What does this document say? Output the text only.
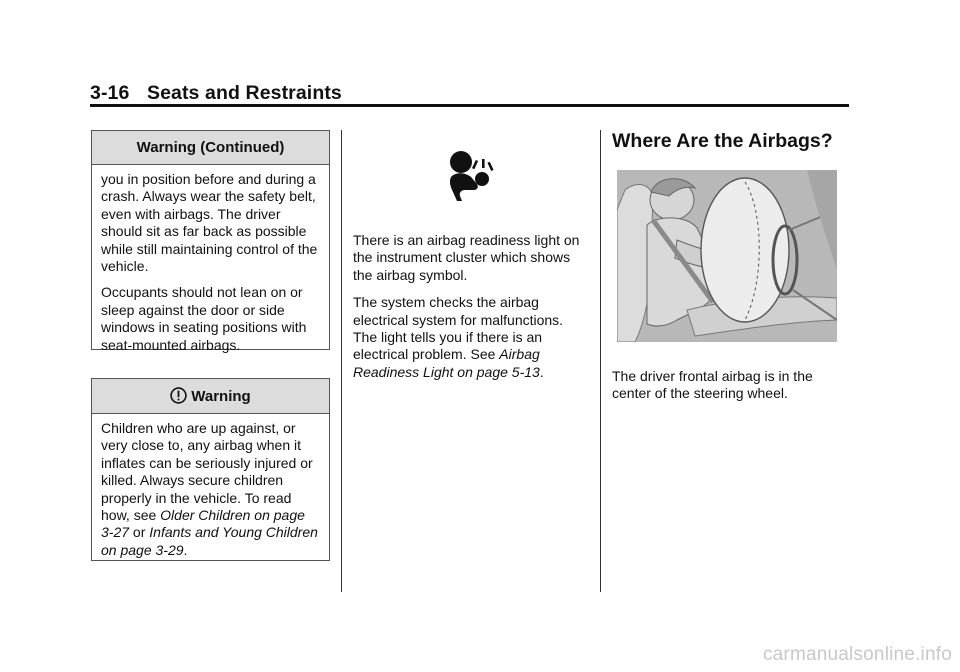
3-16 Seats and Restraints
Warning (Continued)

you in position before and during a crash. Always wear the safety belt, even with airbags. The driver should sit as far back as possible while still maintaining control of the vehicle.

Occupants should not lean on or sleep against the door or side windows in seating positions with seat-mounted airbags.

Warning

Children who are up against, or very close to, any airbag when it inflates can be seriously injured or killed. Always secure children properly in the vehicle. To read how, see Older Children on page 3-27 or Infants and Young Children on page 3-29.

There is an airbag readiness light on the instrument cluster which shows the airbag symbol.

The system checks the airbag electrical system for malfunctions. The light tells you if there is an electrical problem. See Airbag Readiness Light on page 5-13.

Where Are the Airbags?

The driver frontal airbag is in the center of the steering wheel.

carmanualsonline.info
